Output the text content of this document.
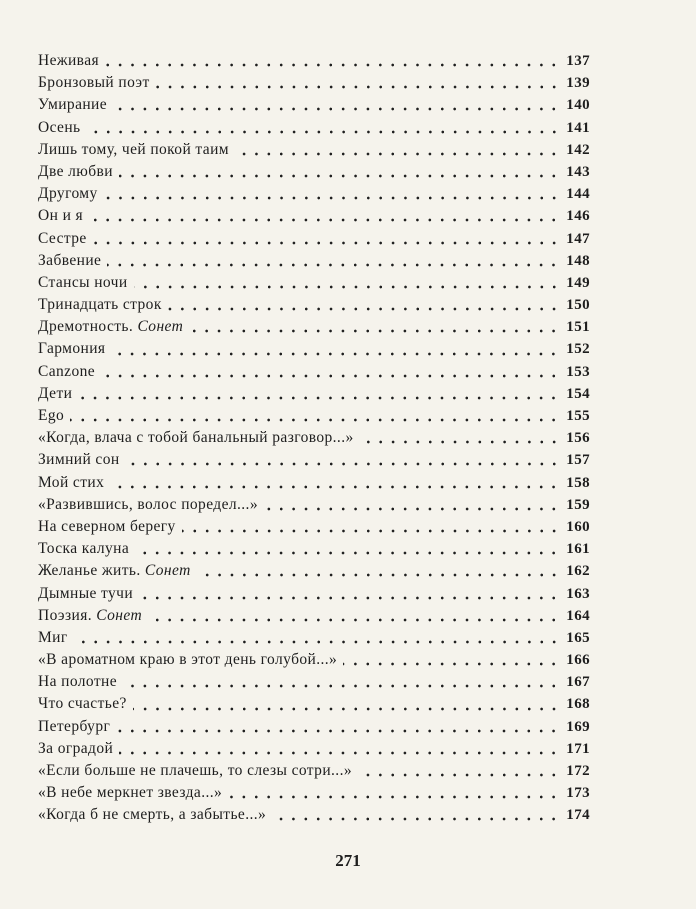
Неживая	137
Бронзовый поэт	139
Умирание	140
Осень	141
Лишь тому, чей покой таим	142
Две любви	143
Другому	144
Он и я	146
Сестре	147
Забвение	148
Стансы ночи	149
Тринадцать строк	150
Дремотность. Сонет	151
Гармония	152
Canzone	153
Дети	154
Ego	155
«Когда, влача с тобой банальный разговор...»	156
Зимний сон	157
Мой стих	158
«Развившись, волос поредел...»	159
На северном берегу	160
Тоска калуна	161
Желанье жить. Сонет	162
Дымные тучи	163
Поэзия. Сонет	164
Миг	165
«В ароматном краю в этот день голубой...»	166
На полотне	167
Что счастье?	168
Петербург	169
За оградой	171
«Если больше не плачешь, то слезы сотри...»	172
«В небе меркнет звезда...»	173
«Когда б не смерть, а забытье...»	174
271
